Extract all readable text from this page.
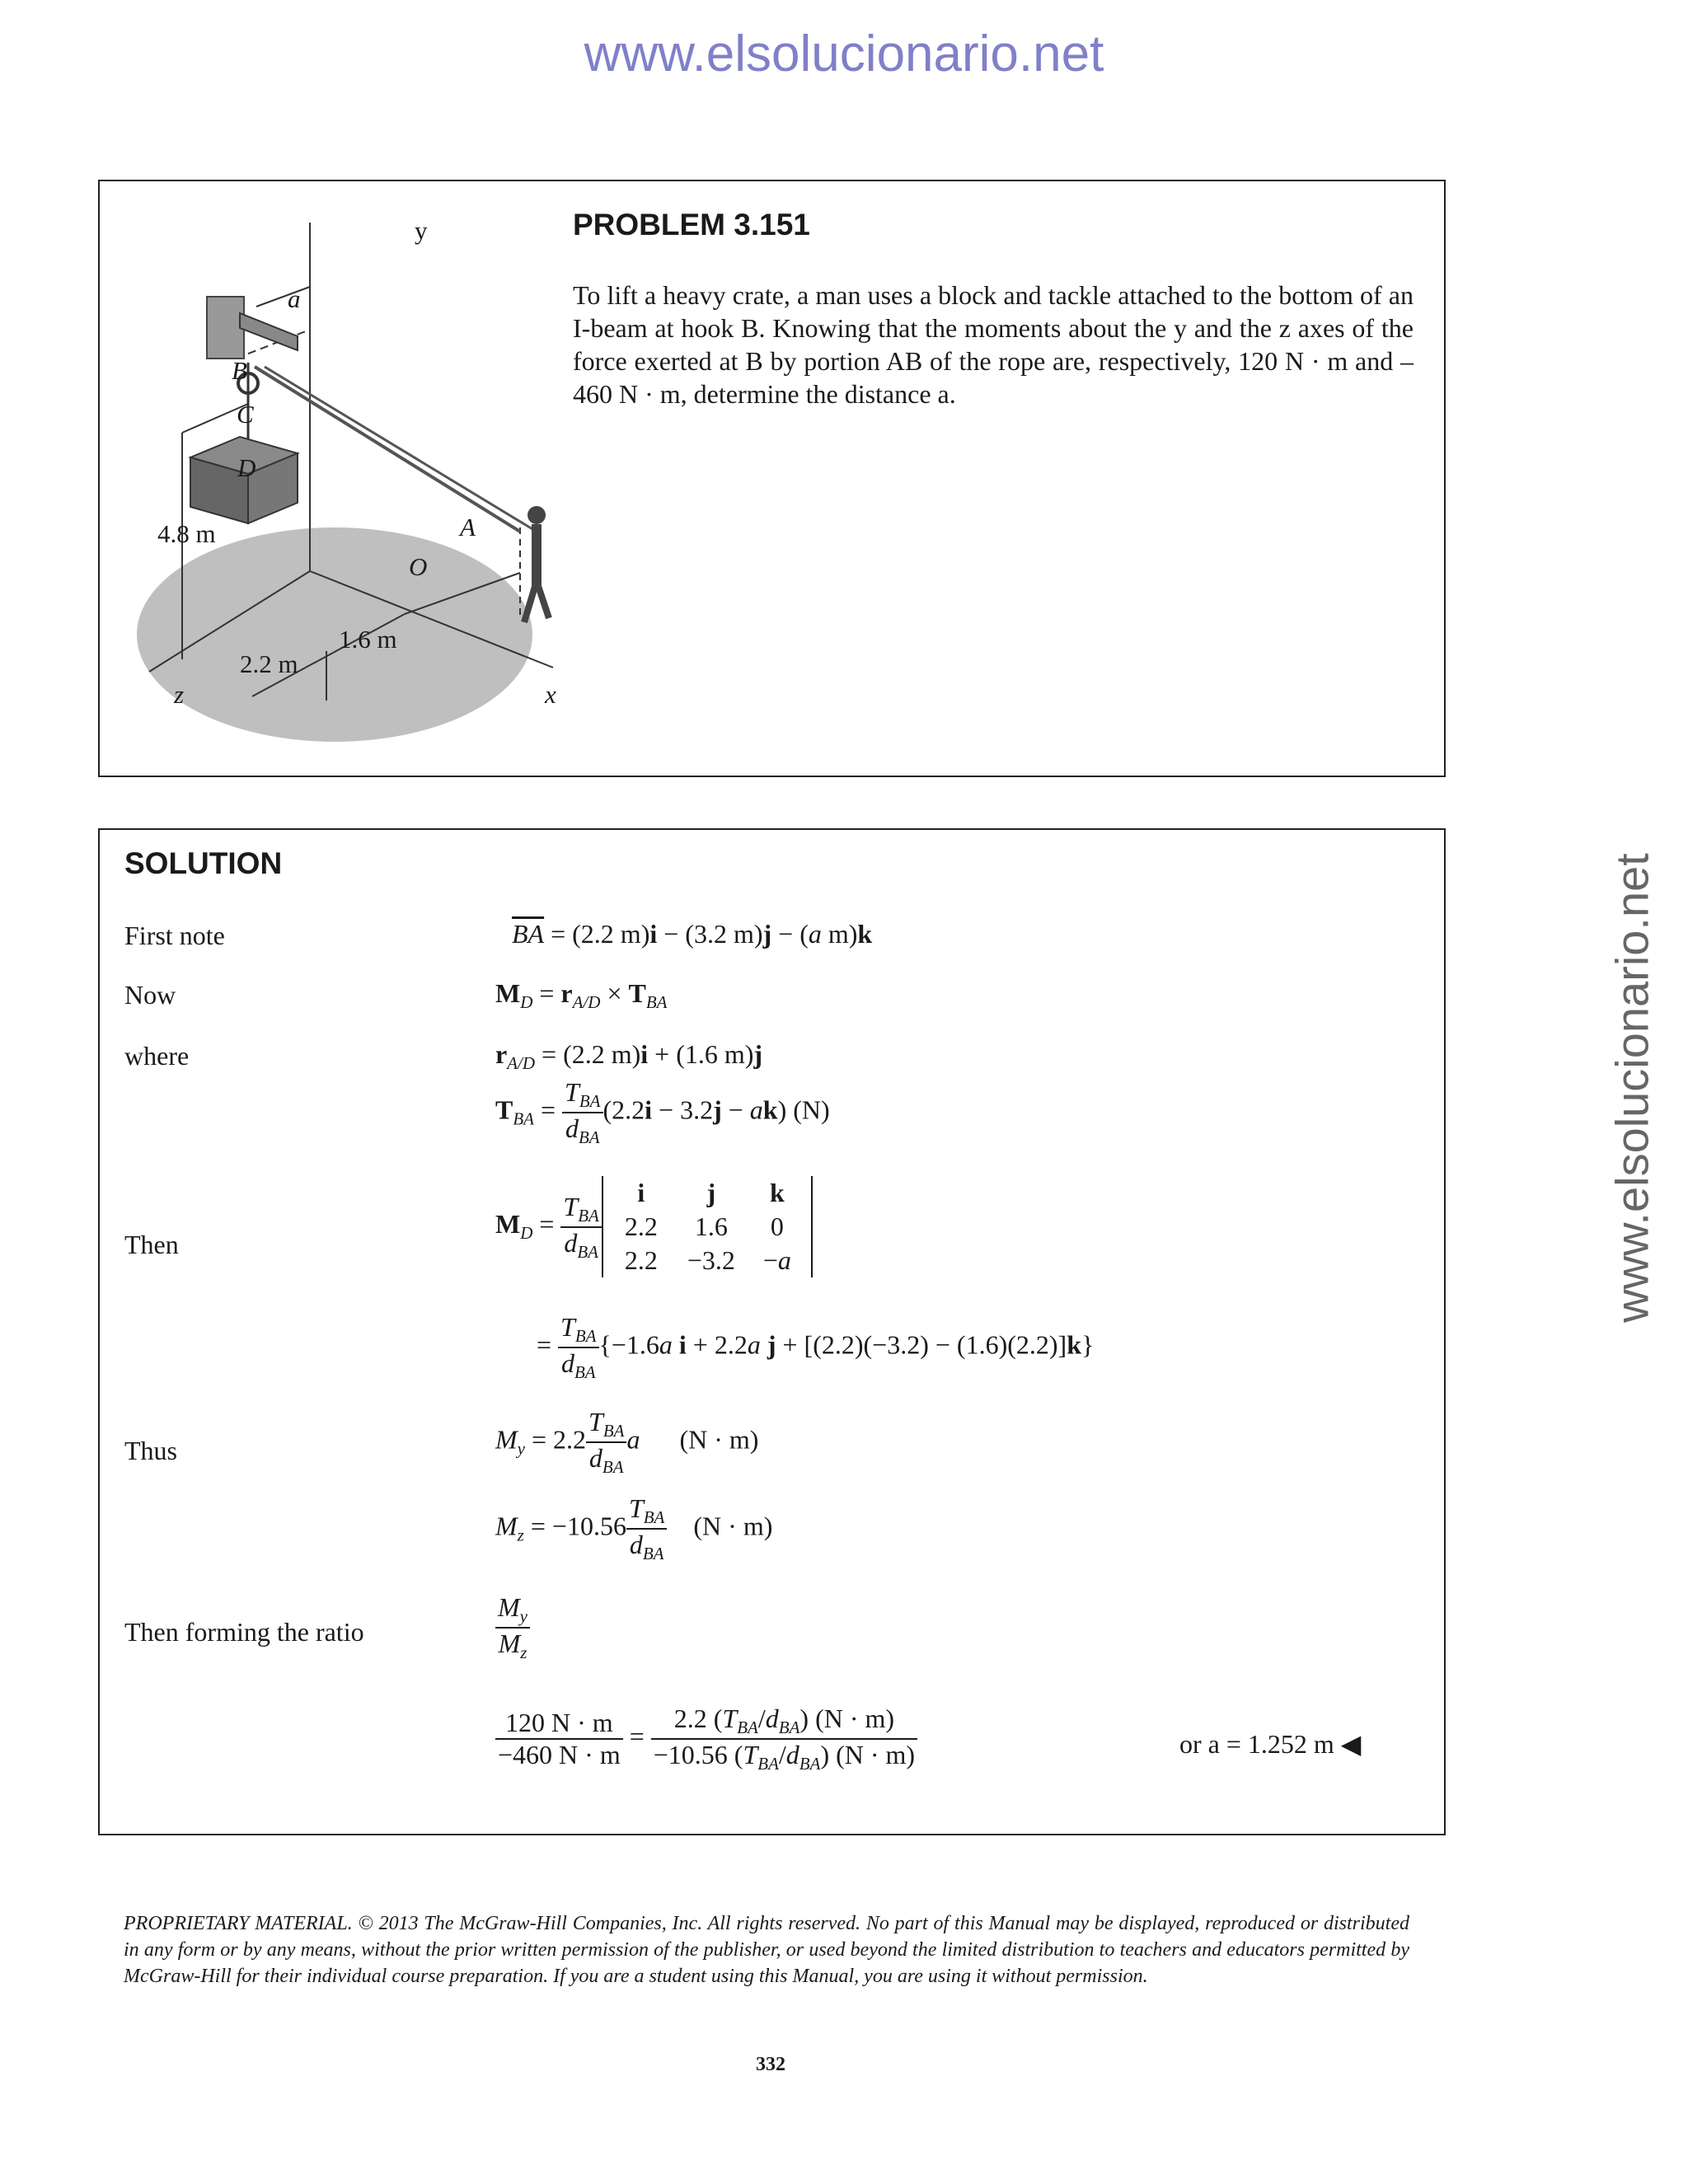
www.elsolucionario.net
www.elsolucionario.net
y
a
B
C
D
A
O
z	x
4.8 m
2.2 m
1.6 m
PROBLEM 3.151
To lift a heavy crate, a man uses a block and tackle attached to the bottom of an I-beam at hook B. Knowing that the moments about the y and the z axes of the force exerted at B by portion AB of the rope are, respectively, 120 N · m and –460 N · m, determine the distance a.
SOLUTION
First note	$\overline{BA} = (2.2$ m)i − (3.2 m)j − (a m)k
Now	$M_D = r_{A/D} \times T_{BA}$
where	$r_{A/D} = (2.2$ m)i + (1.6 m)j
$T_{BA} = \frac{T_{BA}}{d_{BA}} (2.2i - 3.2j - ak)$ (N)
Then
$M_D = \frac{T_{BA}}{d_{BA}}$	i	j	k
2.2	1.6	0
2.2	−3.2	−a
= $\frac{T_{BA}}{d_{BA}} \{-1.6a$ i + 2.2a j + [(2.2)(−3.2) − (1.6)(2.2)]k}
Thus	$M_y = 2.2 \frac{T_{BA}}{d_{BA}}$ a      (N · m)
$M_z = -10.56 \frac{T_{BA}}{d_{BA}} (N \cdot m)$
Then forming the ratio	$\frac{M_y}{M_z}$
$\frac{120 N \cdot m}{-460 N \cdot m} = \frac{2.2 (T_{BA}/d_{BA}) (N \cdot m)}{-10.56 (T_{BA}/d_{BA}) (N \cdot m)}$	or a = 1.252 m ◀
PROPRIETARY MATERIAL. © 2013 The McGraw-Hill Companies, Inc. All rights reserved. No part of this Manual may be displayed, reproduced or distributed in any form or by any means, without the prior written permission of the publisher, or used beyond the limited distribution to teachers and educators permitted by McGraw-Hill for their individual course preparation. If you are a student using this Manual, you are using it without permission.
332
